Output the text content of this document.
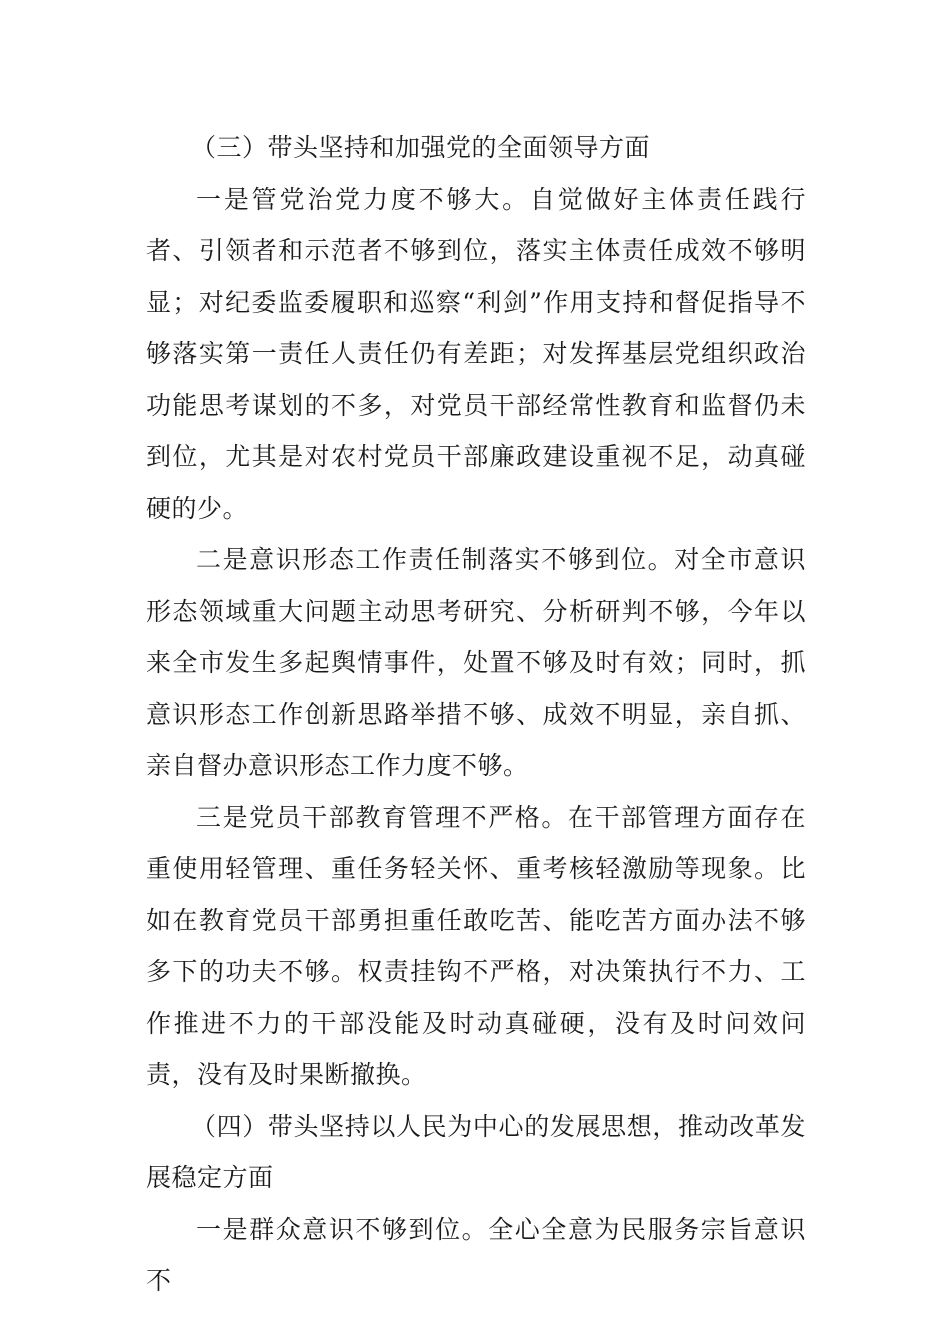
（三）带头坚持和加强党的全面领导方面

一是管党治党力度不够大。自觉做好主体责任践行者、引领者和示范者不够到位，落实主体责任成效不够明显；对纪委监委履职和巡察“利剑”作用支持和督促指导不够落实第一责任人责任仍有差距；对发挥基层党组织政治功能思考谋划的不多，对党员干部经常性教育和监督仍未到位，尤其是对农村党员干部廉政建设重视不足，动真碰硬的少。

二是意识形态工作责任制落实不够到位。对全市意识形态领域重大问题主动思考研究、分析研判不够，今年以来全市发生多起舆情事件，处置不够及时有效；同时，抓意识形态工作创新思路举措不够、成效不明显，亲自抓、亲自督办意识形态工作力度不够。

三是党员干部教育管理不严格。在干部管理方面存在重使用轻管理、重任务轻关怀、重考核轻激励等现象。比如在教育党员干部勇担重任敢吃苦、能吃苦方面办法不够多下的功夫不够。权责挂钩不严格，对决策执行不力、工作推进不力的干部没能及时动真碰硬，没有及时问效问责，没有及时果断撤换。

（四）带头坚持以人民为中心的发展思想，推动改革发展稳定方面

一是群众意识不够到位。全心全意为民服务宗旨意识不
